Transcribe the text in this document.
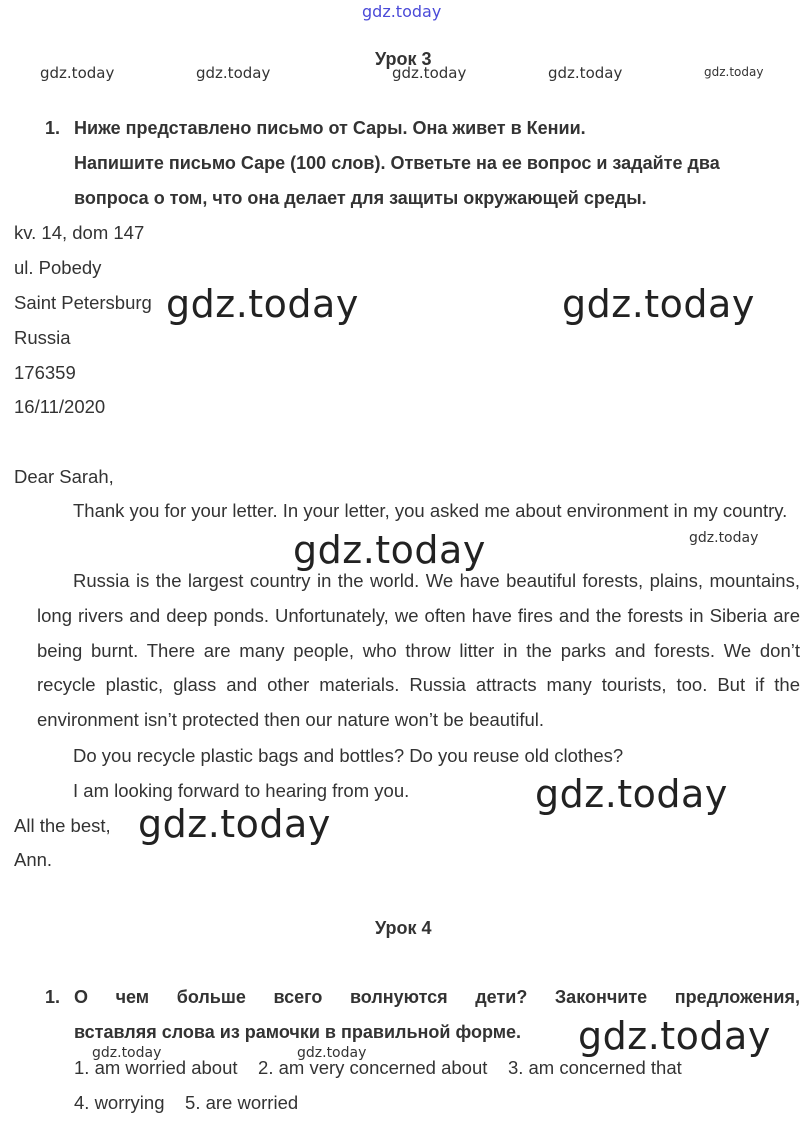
gdz.today
Урок 3
gdz.today	gdz.today	gdz.today	gdz.today	gdz.today
1. Ниже представлено письмо от Сары. Она живет в Кении.
Напишите письмо Саре (100 слов). Ответьте на ее вопрос и задайте два
вопроса о том, что она делает для защиты окружающей среды.
kv. 14, dom 147
ul. Pobedy
Saint Petersburg
Russia
176359
16/11/2020
gdz.today	gdz.today
Dear Sarah,
Thank you for your letter. In your letter, you asked me about environment in my country.
Russia is the largest country in the world. We have beautiful forests, plains, mountains, long rivers and deep ponds. Unfortunately, we often have fires and the forests in Siberia are being burnt. There are many people, who throw litter in the parks and forests. We don’t recycle plastic, glass and other materials. Russia attracts many tourists, too. But if the environment isn’t protected then our nature won’t be beautiful.
Do you recycle plastic bags and bottles? Do you reuse old clothes?
I am looking forward to hearing from you.
gdz.today	gdz.today
All the best,
Ann.
gdz.today
gdz.today
Урок 4
1. О чем больше всего волнуются дети? Закончите предложения,
вставляя слова из рамочки в правильной форме. gdz.today
gdz.today	gdz.today
1. am worried about    2. am very concerned about    3. am concerned that
4. worrying    5. are worried
